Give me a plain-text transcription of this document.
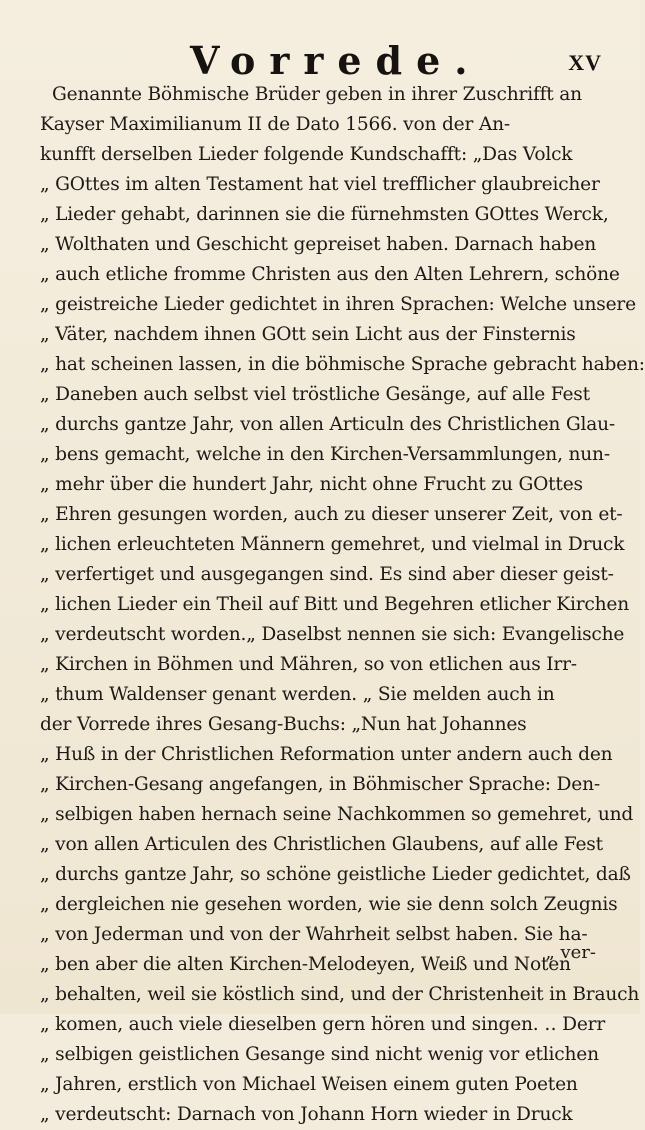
Vorrede.	XV
Genannte Böhmische Brüder geben in ihrer Zuschrifft an
Kayser Maximilianum II de Dato 1566. von der An-
kunfft derselben Lieder folgende Kundschafft: „Das Volck
„ GOttes im alten Testament hat viel trefflicher glaubreicher
„ Lieder gehabt, darinnen sie die fürnehmsten GOttes Werck,
„ Wolthaten und Geschicht gepreiset haben. Darnach haben
„ auch etliche fromme Christen aus den Alten Lehrern, schöne
„ geistreiche Lieder gedichtet in ihren Sprachen: Welche unsere
„ Väter, nachdem ihnen GOtt sein Licht aus der Finsternis
„ hat scheinen lassen, in die böhmische Sprache gebracht haben:
„ Daneben auch selbst viel tröstliche Gesänge, auf alle Fest
„ durchs gantze Jahr, von allen Articuln des Christlichen Glau-
„ bens gemacht, welche in den Kirchen-Versammlungen, nun-
„ mehr über die hundert Jahr, nicht ohne Frucht zu GOttes
„ Ehren gesungen worden, auch zu dieser unserer Zeit, von et-
„ lichen erleuchteten Männern gemehret, und vielmal in Druck
„ verfertiget und ausgegangen sind. Es sind aber dieser geist-
„ lichen Lieder ein Theil auf Bitt und Begehren etlicher Kirchen
„ verdeutscht worden.„ Daselbst nennen sie sich: Evangelische
„ Kirchen in Böhmen und Mähren, so von etlichen aus Irr-
„ thum Waldenser genant werden. „ Sie melden auch in
der Vorrede ihres Gesang-Buchs: „Nun hat Johannes
„ Huß in der Christlichen Reformation unter andern auch den
„ Kirchen-Gesang angefangen, in Böhmischer Sprache: Den-
„ selbigen haben hernach seine Nachkommen so gemehret, und
„ von allen Articulen des Christlichen Glaubens, auf alle Fest
„ durchs gantze Jahr, so schöne geistliche Lieder gedichtet, daß
„ dergleichen nie gesehen worden, wie sie denn solch Zeugnis
„ von Jederman und von der Wahrheit selbst haben. Sie ha-
„ ben aber die alten Kirchen-Melodeyen, Weiß und Noten
„ behalten, weil sie köstlich sind, und der Christenheit in Brauch
„ komen, auch viele dieselben gern hören und singen. ‥ Derr
„ selbigen geistlichen Gesange sind nicht wenig vor etlichen
„ Jahren, erstlich von Michael Weisen einem guten Poeten
„ verdeutscht: Darnach von Johann Horn wieder in Druck
„ ver-
